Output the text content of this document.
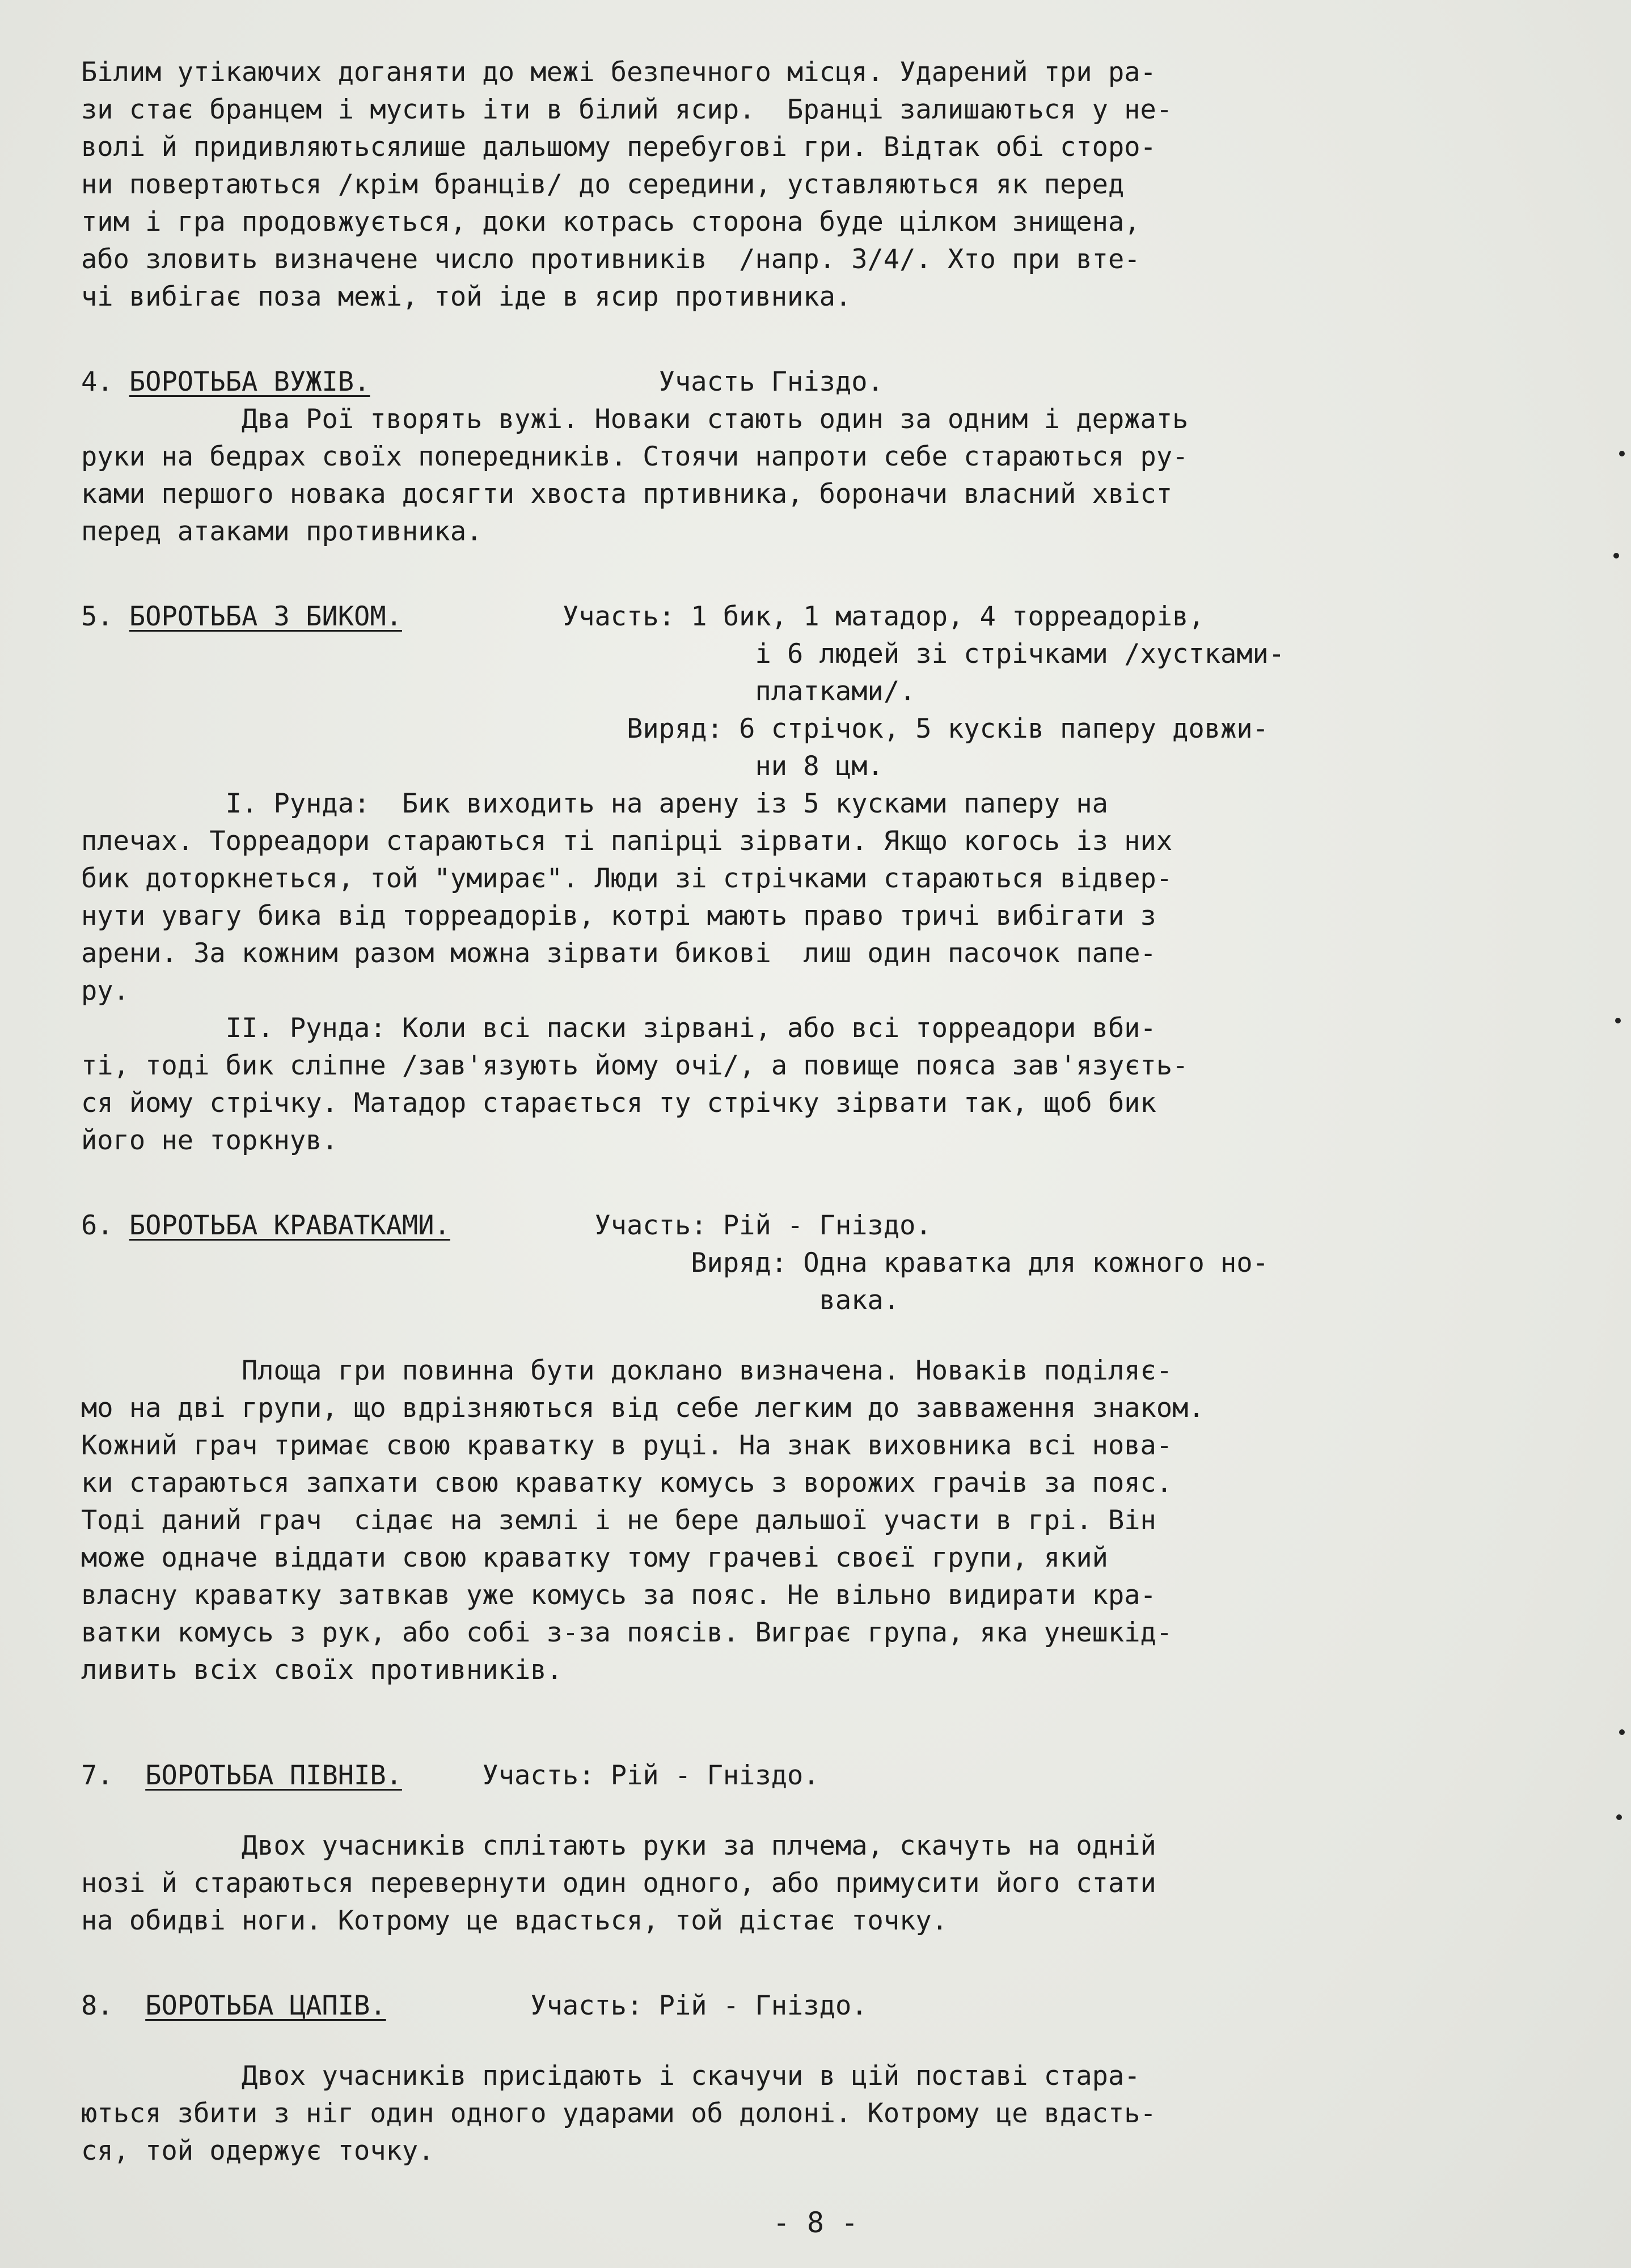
Білим утікаючих доганяти до межі безпечного місця. Ударений три ра-

зи стає бранцем і мусить іти в білий ясир.  Бранці залишаються у не-

волі й придивляютьсялише дальшому перебугові гри. Відтак обі сторо-

ни повертаються /крім бранців/ до середини, уставляються як перед

тим і гра продовжується, доки котрась сторона буде цілком знищена,

або зловить визначене число противників  /напр. 3/4/. Хто при вте-

чі вибігає поза межі, той іде в ясир противника.

4. БОРОТЬБА ВУЖІВ.                  Участь Гніздо.

Два Рої творять вужі. Новаки стають один за одним і держать

руки на бедрах своїх попередників. Стоячи напроти себе стараються ру-

ками першого новака досягти хвоста пртивника, бороначи власний хвіст

перед атаками противника.

5. БОРОТЬБА З БИКОМ.          Участь: 1 бик, 1 матадор, 4 торреадорів,

і 6 людей зі стрічками /хустками-

платками/.

Виряд: 6 стрічок, 5 кусків паперу довжи-

ни 8 цм.

I. Рунда:  Бик виходить на арену із 5 кусками паперу на

плечах. Торреадори стараються ті папірці зірвати. Якщо когось із них

бик доторкнеться, той "умирає". Люди зі стрічками стараються відвер-

нути увагу бика від торреадорів, котрі мають право тричі вибігати з

арени. За кожним разом можна зірвати бикові  лиш один пасочок папе-

ру.

II. Рунда: Коли всі паски зірвані, або всі торреадори вби-

ті, тоді бик сліпне /зав'язують йому очі/, а повище пояса зав'язуєть-

ся йому стрічку. Матадор старається ту стрічку зірвати так, щоб бик

його не торкнув.

6. БОРОТЬБА КРАВАТКАМИ.         Участь: Рій - Гніздо.

Виряд: Одна краватка для кожного но-

вака.

Площа гри повинна бути доклано визначена. Новаків поділяє-

мо на дві групи, що вдрізняються від себе легким до завваження знаком.

Кожний грач тримає свою краватку в руці. На знак виховника всі нова-

ки стараються запхати свою краватку комусь з ворожих грачів за пояс.

Тоді даний грач  сідає на землі і не бере дальшої участи в грі. Він

може одначе віддати свою краватку тому грачеві своєї групи, який

власну краватку затвкав уже комусь за пояс. Не вільно видирати кра-

ватки комусь з рук, або собі з-за поясів. Виграє група, яка унешкід-

ливить всіх своїх противників.

7.  БОРОТЬБА ПІВНІВ.     Участь: Рій - Гніздо.

Двох учасників сплітають руки за плчема, скачуть на одній

нозі й стараються перевернути один одного, або примусити його стати

на обидві ноги. Котрому це вдасться, той дістає точку.

8.  БОРОТЬБА ЦАПІВ.         Участь: Рій - Гніздо.

Двох учасників присідають і скачучи в цій поставі стара-

ються збити з ніг один одного ударами об долоні. Котрому це вдасть-

ся, той одержує точку.

- 8 -
